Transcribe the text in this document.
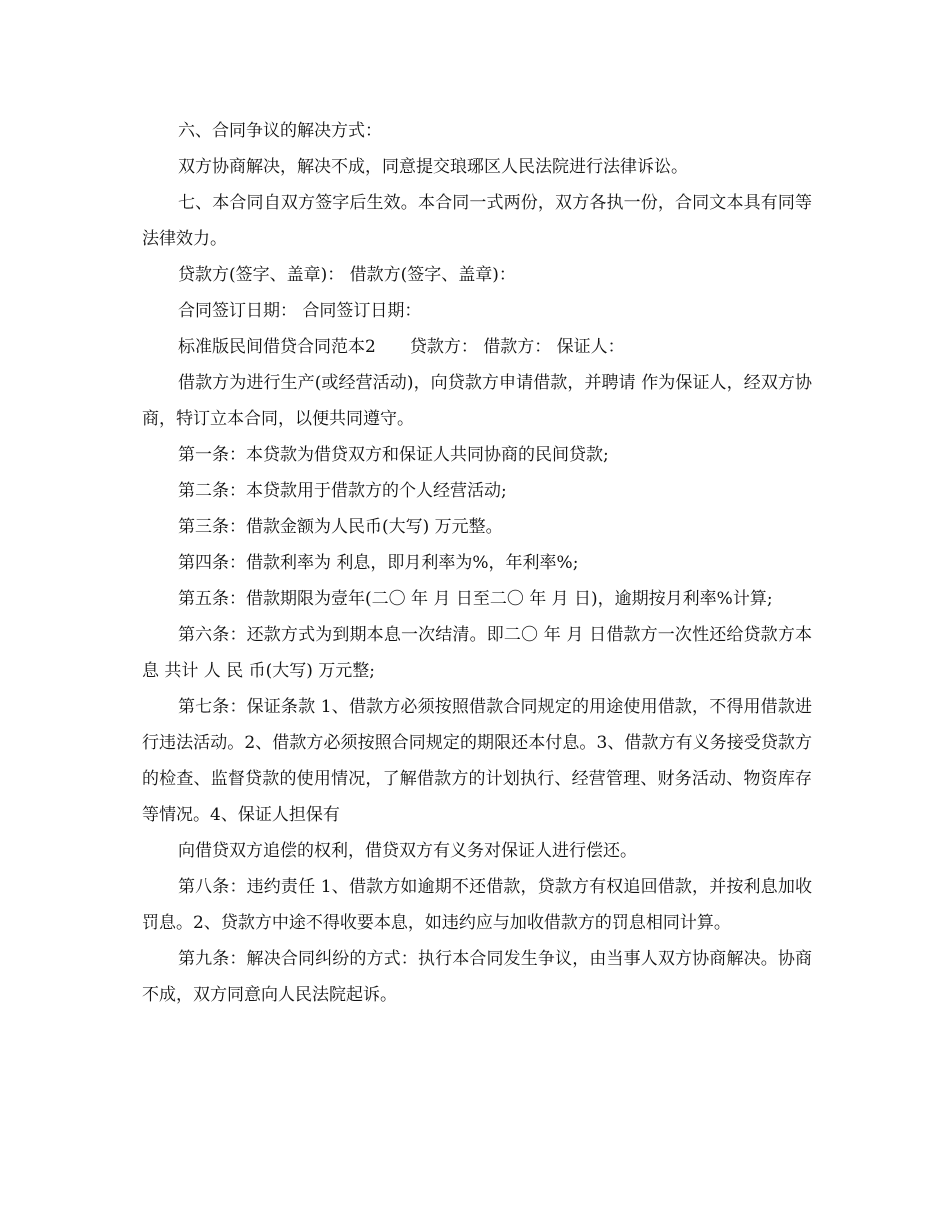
六、合同争议的解决方式：

双方协商解决，解决不成，同意提交琅琊区人民法院进行法律诉讼。

七、本合同自双方签字后生效。本合同一式两份，双方各执一份，合同文本具有同等法律效力。

贷款方(签字、盖章)： 借款方(签字、盖章)：

合同签订日期： 合同签订日期：

标准版民间借贷合同范本2　　贷款方： 借款方： 保证人：

借款方为进行生产(或经营活动)，向贷款方申请借款，并聘请 作为保证人，经双方协商，特订立本合同，以便共同遵守。

第一条：本贷款为借贷双方和保证人共同协商的民间贷款;

第二条：本贷款用于借款方的个人经营活动;

第三条：借款金额为人民币(大写) 万元整。

第四条：借款利率为 利息，即月利率为%，年利率%;

第五条：借款期限为壹年(二〇 年 月 日至二〇 年 月 日)，逾期按月利率%计算;

第六条：还款方式为到期本息一次结清。即二〇 年 月 日借款方一次性还给贷款方本息 共计 人 民 币(大写) 万元整;

第七条：保证条款 1、借款方必须按照借款合同规定的用途使用借款，不得用借款进行违法活动。2、借款方必须按照合同规定的期限还本付息。3、借款方有义务接受贷款方的检查、监督贷款的使用情况，了解借款方的计划执行、经营管理、财务活动、物资库存等情况。4、保证人担保有

向借贷双方追偿的权利，借贷双方有义务对保证人进行偿还。

第八条：违约责任 1、借款方如逾期不还借款，贷款方有权追回借款，并按利息加收罚息。2、贷款方中途不得收要本息，如违约应与加收借款方的罚息相同计算。

第九条：解决合同纠纷的方式：执行本合同发生争议，由当事人双方协商解决。协商不成，双方同意向人民法院起诉。
